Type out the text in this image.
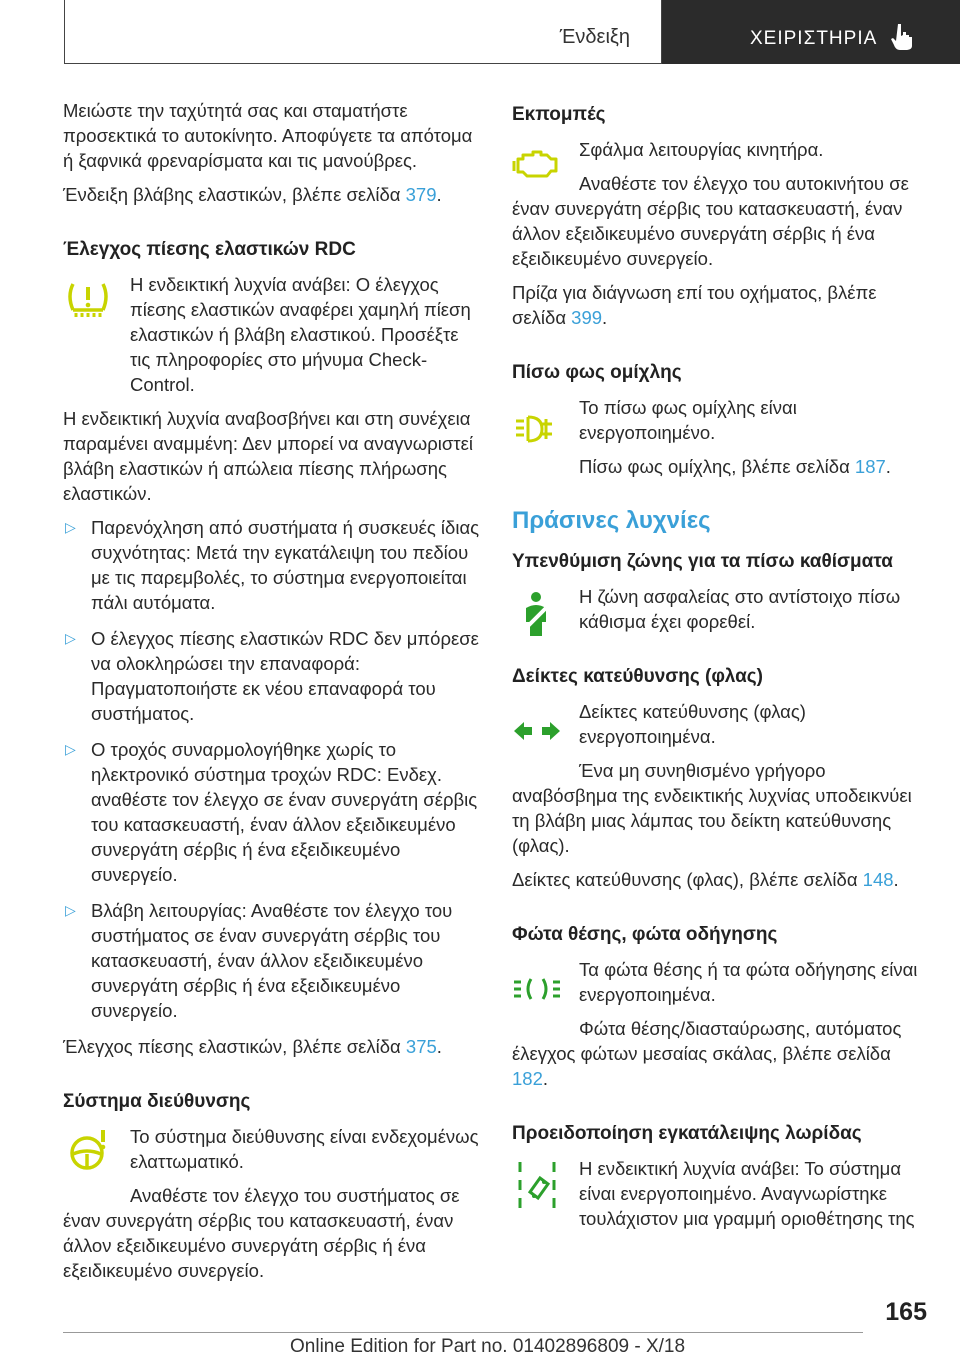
Ένδειξη	ΧΕΙΡΙΣΤΗΡΙΑ

Μειώστε την ταχύτητά σας και σταματήστε προσεκτικά το αυτοκίνητο. Αποφύγετε τα απότομα ή ξαφνικά φρεναρίσματα και τις μανούβρες.

Ένδειξη βλάβης ελαστικών, βλέπε σελίδα 379.

Έλεγχος πίεσης ελαστικών RDC

Η ενδεικτική λυχνία ανάβει: Ο έλεγχος πίεσης ελαστικών αναφέρει χαμηλή πίεση ελαστικών ή βλάβη ελαστικού. Προσέξτε τις πληροφορίες στο μήνυμα Check-Control.

Η ενδεικτική λυχνία αναβοσβήνει και στη συνέχεια παραμένει αναμμένη: Δεν μπορεί να αναγνωριστεί βλάβη ελαστικών ή απώλεια πίεσης πλήρωσης ελαστικών.

▷ Παρενόχληση από συστήματα ή συσκευές ίδιας συχνότητας: Μετά την εγκατάλειψη του πεδίου με τις παρεμβολές, το σύστημα ενεργοποιείται πάλι αυτόματα.

▷ Ο έλεγχος πίεσης ελαστικών RDC δεν μπόρεσε να ολοκληρώσει την επαναφορά: Πραγματοποιήστε εκ νέου επαναφορά του συστήματος.

▷ Ο τροχός συναρμολογήθηκε χωρίς το ηλεκτρονικό σύστημα τροχών RDC: Ενδεχ. αναθέστε τον έλεγχο σε έναν συνεργάτη σέρβις του κατασκευαστή, έναν άλλον εξειδικευμένο συνεργάτη σέρβις ή ένα εξειδικευμένο συνεργείο.

▷ Βλάβη λειτουργίας: Αναθέστε τον έλεγχο του συστήματος σε έναν συνεργάτη σέρβις του κατασκευαστή, έναν άλλον εξειδικευμένο συνεργάτη σέρβις ή ένα εξειδικευμένο συνεργείο.

Έλεγχος πίεσης ελαστικών, βλέπε σελίδα 375.

Σύστημα διεύθυνσης

Το σύστημα διεύθυνσης είναι ενδεχομένως ελαττωματικό.

Αναθέστε τον έλεγχο του συστήματος σε έναν συνεργάτη σέρβις του κατασκευαστή, έναν άλλον εξειδικευμένο συνεργάτη σέρβις ή ένα εξειδικευμένο συνεργείο.

Εκπομπές

Σφάλμα λειτουργίας κινητήρα.

Αναθέστε τον έλεγχο του αυτοκινήτου σε έναν συνεργάτη σέρβις του κατασκευαστή, έναν άλλον εξειδικευμένο συνεργάτη σέρβις ή ένα εξειδικευμένο συνεργείο.

Πρίζα για διάγνωση επί του οχήματος, βλέπε σελίδα 399.

Πίσω φως ομίχλης

Το πίσω φως ομίχλης είναι ενεργοποιημένο.

Πίσω φως ομίχλης, βλέπε σελίδα 187.

Πράσινες λυχνίες
Υπενθύμιση ζώνης για τα πίσω καθίσματα

Η ζώνη ασφαλείας στο αντίστοιχο πίσω κάθισμα έχει φορεθεί.

Δείκτες κατεύθυνσης (φλας)

Δείκτες κατεύθυνσης (φλας) ενεργοποιημένα.

Ένα μη συνηθισμένο γρήγορο αναβόσβημα της ενδεικτικής λυχνίας υποδεικνύει τη βλάβη μιας λάμπας του δείκτη κατεύθυνσης (φλας).

Δείκτες κατεύθυνσης (φλας), βλέπε σελίδα 148.

Φώτα θέσης, φώτα οδήγησης

Τα φώτα θέσης ή τα φώτα οδήγησης είναι ενεργοποιημένα.

Φώτα θέσης/διασταύρωσης, αυτόματος έλεγχος φώτων μεσαίας σκάλας, βλέπε σελίδα 182.

Προειδοποίηση εγκατάλειψης λωρίδας

Η ενδεικτική λυχνία ανάβει: Το σύστημα είναι ενεργοποιημένο. Αναγνωρίστηκε τουλάχιστον μια γραμμή οριοθέτησης της

165
Online Edition for Part no. 01402896809 - X/18
